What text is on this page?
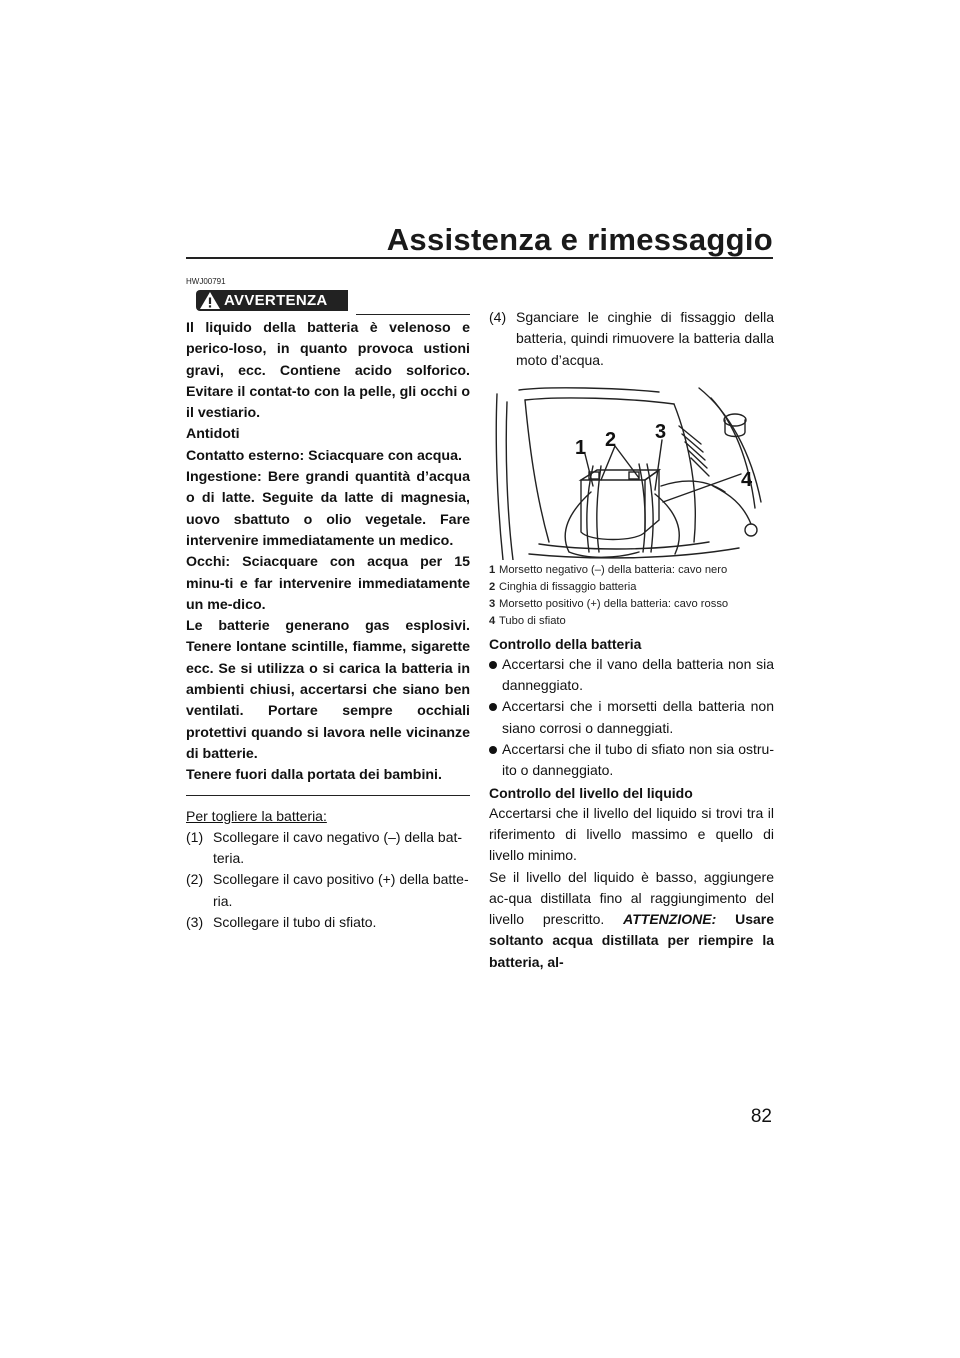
Assistenza e rimessaggio
HWJ00791
AVVERTENZA

Il liquido della batteria è velenoso e perico-loso, in quanto provoca ustioni gravi, ecc. Contiene acido solforico. Evitare il contat-to con la pelle, gli occhi o il vestiario.

Antidoti

Contatto esterno: Sciacquare con acqua.

Ingestione: Bere grandi quantità d’acqua o di latte. Seguite da latte di magnesia, uovo sbattuto o olio vegetale. Fare intervenire immediatamente un medico.

Occhi: Sciacquare con acqua per 15 minu-ti e far intervenire immediatamente un me-dico.

Le batterie generano gas esplosivi. Tenere lontane scintille, fiamme, sigarette ecc. Se si utilizza o si carica la batteria in ambienti chiusi, accertarsi che siano ben ventilati. Portare sempre occhiali protettivi quando si lavora nelle vicinanze di batterie.

Tenere fuori dalla portata dei bambini.

Per togliere la batteria:
(1) Scollegare il cavo negativo (–) della bat-teria.
(2) Scollegare il cavo positivo (+) della batte-ria.
(3) Scollegare il tubo di sfiato.
(4) Sganciare le cinghie di fissaggio della batteria, quindi rimuovere la batteria dalla moto d’acqua.
1 2 3
4
1 Morsetto negativo (–) della batteria: cavo nero
2 Cinghia di fissaggio batteria
3 Morsetto positivo (+) della batteria: cavo rosso
4 Tubo di sfiato
Controllo della batteria
Accertarsi che il vano della batteria non sia danneggiato.
Accertarsi che i morsetti della batteria non siano corrosi o danneggiati.
Accertarsi che il tubo di sfiato non sia ostru-ito o danneggiato.
Controllo del livello del liquido

Accertarsi che il livello del liquido si trovi tra il riferimento di livello massimo e quello di livello minimo.

Se il livello del liquido è basso, aggiungere ac-qua distillata fino al raggiungimento del livello prescritto. ATTENZIONE: Usare soltanto acqua distillata per riempire la batteria, al-

82
